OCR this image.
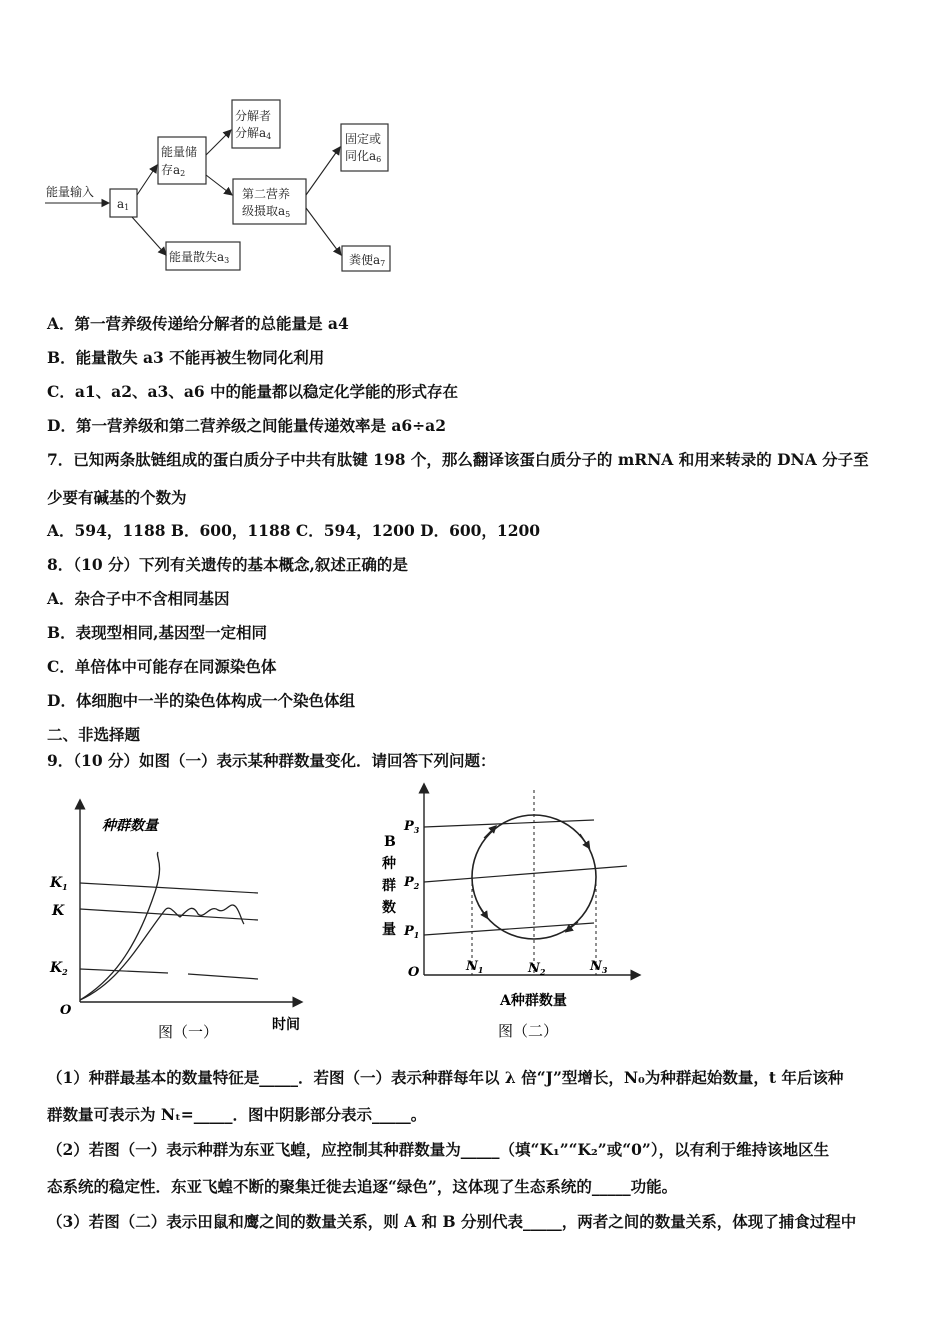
能量输入
a1
能量储
存a2
分解者
分解a4
能量散失a3
第二营养
级摄取a5
固定或
同化a6
粪便a7
A．第一营养级传递给分解者的总能量是 a4
B．能量散失 a3 不能再被生物同化利用
C．a1、a2、a3、a6 中的能量都以稳定化学能的形式存在
D．第一营养级和第二营养级之间能量传递效率是 a6÷a2
7．已知两条肽链组成的蛋白质分子中共有肽键 198 个，那么翻译该蛋白质分子的 mRNA 和用来转录的 DNA 分子至
少要有碱基的个数为
A．594，1188 B．600，1188 C．594，1200 D．600，1200
8．（10 分）下列有关遗传的基本概念,叙述正确的是
A．杂合子中不含相同基因
B．表现型相同,基因型一定相同
C．单倍体中可能存在同源染色体
D．体细胞中一半的染色体构成一个染色体组
二、非选择题
9．（10 分）如图（一）表示某种群数量变化．请回答下列问题：
种群数量
$K_1$
K
$K_2$
O
图（一）	时间
B
种
群
数
量
$P_3$
$P_2$
$P_1$
O	$N_1$	$N_2$	$N_3$
A种群数量
图（二）
（1）种群最基本的数量特征是_____．若图（一）表示种群每年以 λ 倍“J”型增长，N₀为种群起始数量，t 年后该种
群数量可表示为 Nₜ=_____．图中阴影部分表示_____。
（2）若图（一）表示种群为东亚飞蝗，应控制其种群数量为_____（填“K₁”“K₂”或“0”），以有利于维持该地区生
态系统的稳定性．东亚飞蝗不断的聚集迁徙去追逐“绿色”，这体现了生态系统的_____功能。
（3）若图（二）表示田鼠和鹰之间的数量关系，则 A 和 B 分别代表_____，两者之间的数量关系，体现了捕食过程中
